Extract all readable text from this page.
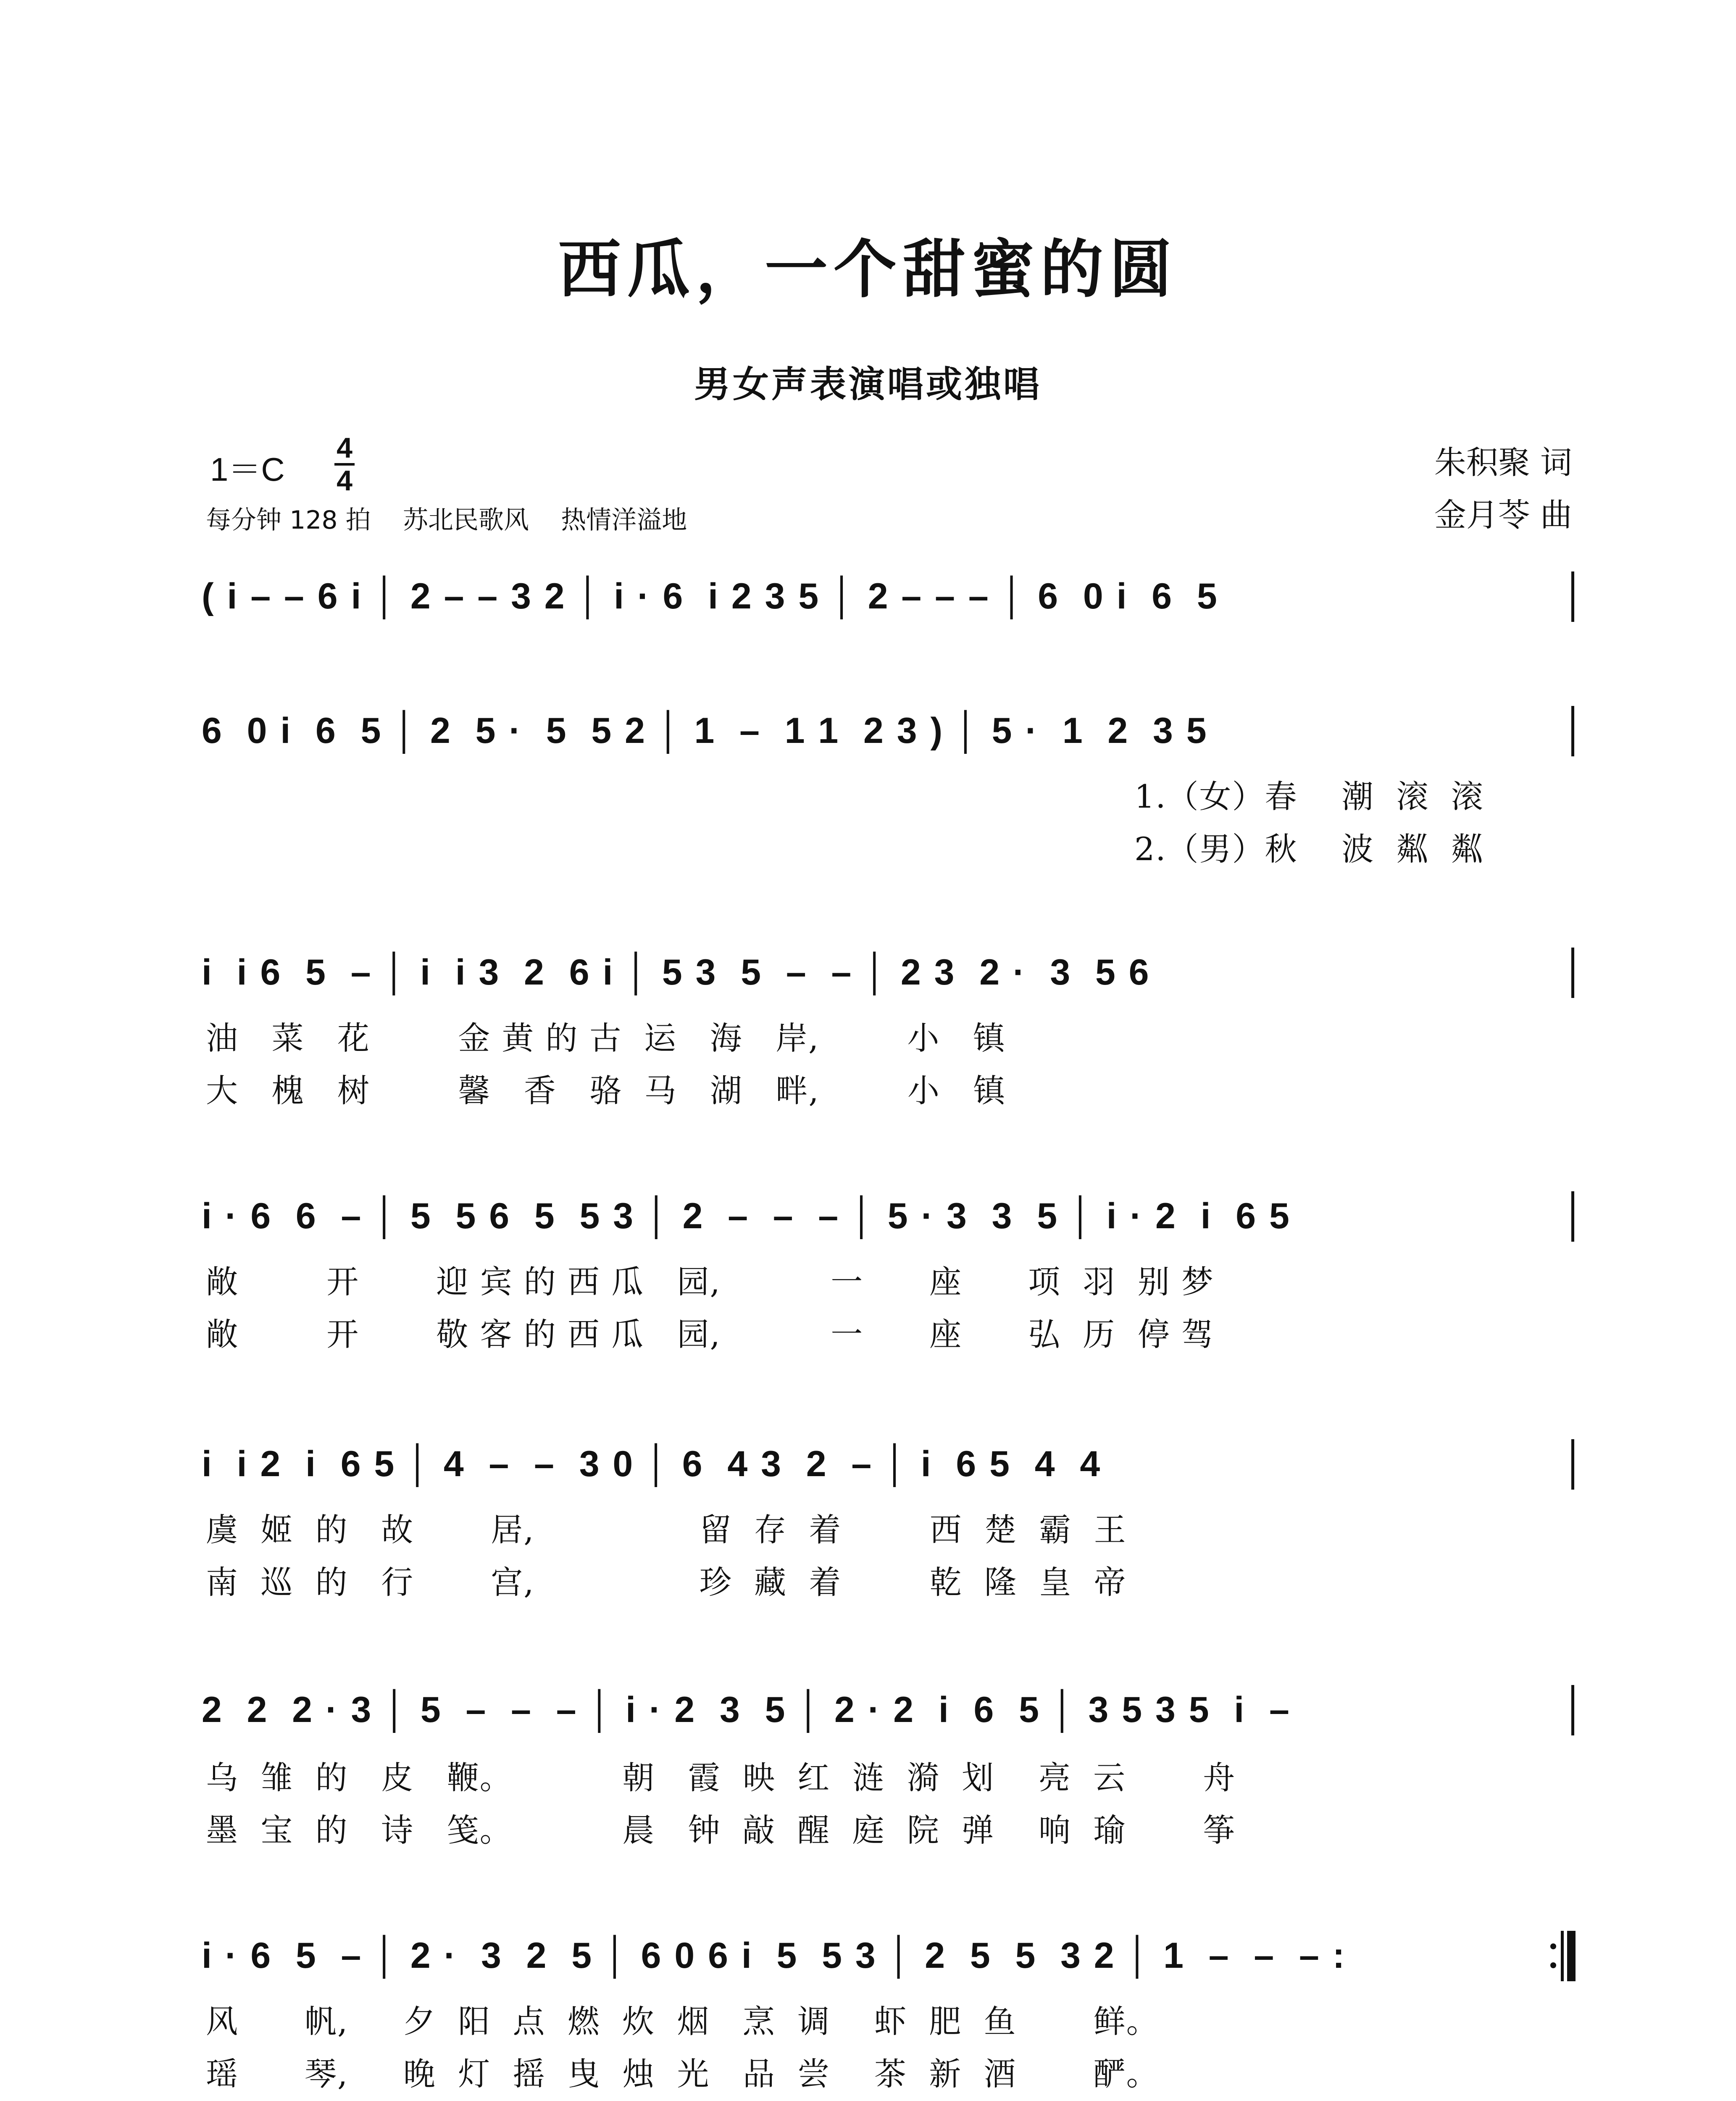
西瓜，一个甜蜜的圆
男女声表演唱或独唱
1＝C
4
4
每分钟 128 拍    苏北民歌风    热情洋溢地
朱积聚 词
金月苓 曲
( i – – 6 i │ 2 – – 3 2 │ i · 6  i 2 3 5 │ 2 – – – │ 6  0 i  6  5
6  0 i  6  5 │ 2  5 ·  5  5 2 │ 1  –  1 1  2 3 ) │ 5 ·  1  2  3 5
1.（女）春    潮  滚  滚
2.（男）秋    波  粼  粼
i  i 6  5  – │ i  i 3  2  6 i │ 5 3  5  –  – │ 2 3  2 ·  3  5 6
油   菜   花        金 黄 的 古  运   海   岸,        小   镇
大   槐   树        馨   香   骆  马   湖   畔,        小   镇
i · 6  6  – │ 5  5 6  5  5 3 │ 2  –  –  – │ 5 · 3  3  5 │ i · 2  i  6 5
敞        开       迎 宾 的 西 瓜   园,          一      座      项  羽  别 梦
敞        开       敬 客 的 西 瓜   园,          一      座      弘  历  停 驾
i  i 2  i  6 5 │ 4  –  –  3 0 │ 6  4 3  2  – │ i  6 5  4  4
虞  姬  的   故       居,               留  存  着        西  楚  霸  王
南  巡  的   行       宫,               珍  藏  着        乾  隆  皇  帝
2  2  2 · 3 │ 5  –  –  – │ i · 2  3  5 │ 2 · 2  i  6  5 │ 3 5 3 5  i  –
乌  雏  的   皮   鞭。          朝   霞  映  红  涟  漪  划    亮  云       舟
墨  宝  的   诗   笺。          晨   钟  敲  醒  庭  院  弹    响  瑜       筝
i · 6  5  – │ 2 ·  3  2  5 │ 6 0 6 i  5  5 3 │ 2  5  5  3 2 │ 1  –  –  – :
风      帆,     夕  阳  点  燃  炊  烟   烹  调    虾  肥  鱼       鲜。
瑶      琴,     晚  灯  摇  曳  烛  光   品  尝    茶  新  酒       酽。
